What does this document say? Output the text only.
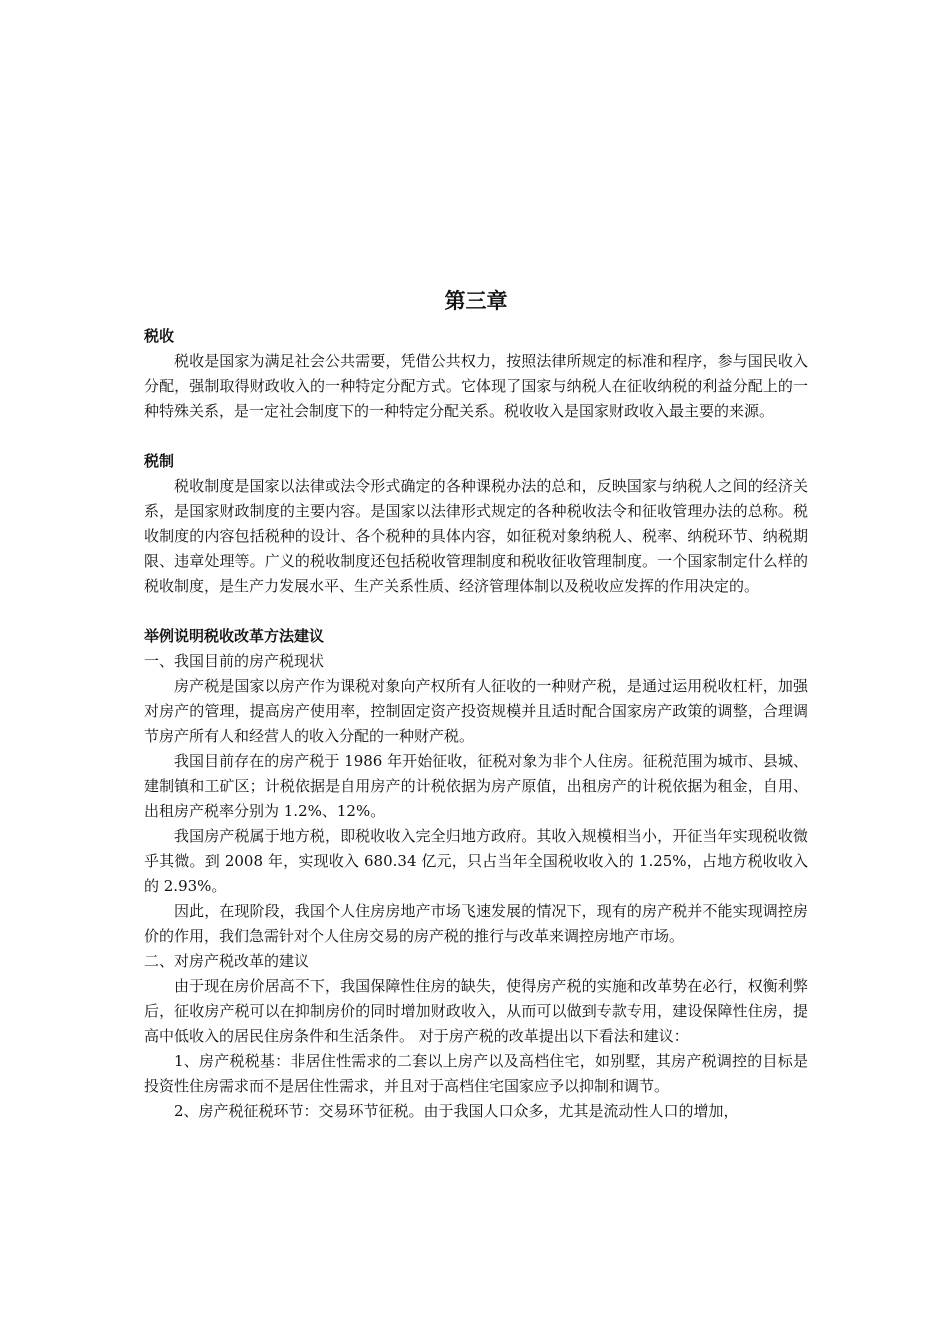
第三章
税收

税收是国家为满足社会公共需要，凭借公共权力，按照法律所规定的标准和程序，参与国民收入分配，强制取得财政收入的一种特定分配方式。它体现了国家与纳税人在征收纳税的利益分配上的一种特殊关系，是一定社会制度下的一种特定分配关系。税收收入是国家财政收入最主要的来源。

税制

税收制度是国家以法律或法令形式确定的各种课税办法的总和，反映国家与纳税人之间的经济关系，是国家财政制度的主要内容。是国家以法律形式规定的各种税收法令和征收管理办法的总称。税收制度的内容包括税种的设计、各个税种的具体内容，如征税对象纳税人、税率、纳税环节、纳税期限、违章处理等。广义的税收制度还包括税收管理制度和税收征收管理制度。一个国家制定什么样的税收制度，是生产力发展水平、生产关系性质、经济管理体制以及税收应发挥的作用决定的。

举例说明税收改革方法建议
一、我国目前的房产税现状

房产税是国家以房产作为课税对象向产权所有人征收的一种财产税，是通过运用税收杠杆，加强对房产的管理，提高房产使用率，控制固定资产投资规模并且适时配合国家房产政策的调整，合理调节房产所有人和经营人的收入分配的一种财产税。

我国目前存在的房产税于 1986 年开始征收，征税对象为非个人住房。征税范围为城市、县城、建制镇和工矿区；计税依据是自用房产的计税依据为房产原值，出租房产的计税依据为租金，自用、出租房产税率分别为 1.2%、12%。

我国房产税属于地方税，即税收收入完全归地方政府。其收入规模相当小，开征当年实现税收微乎其微。到 2008 年，实现收入 680.34 亿元，只占当年全国税收收入的 1.25%，占地方税收收入的 2.93%。

因此，在现阶段，我国个人住房房地产市场飞速发展的情况下，现有的房产税并不能实现调控房价的作用，我们急需针对个人住房交易的房产税的推行与改革来调控房地产市场。

二、对房产税改革的建议

由于现在房价居高不下，我国保障性住房的缺失，使得房产税的实施和改革势在必行，权衡利弊后，征收房产税可以在抑制房价的同时增加财政收入，从而可以做到专款专用，建设保障性住房，提高中低收入的居民住房条件和生活条件。 对于房产税的改革提出以下看法和建议：

1、房产税税基：非居住性需求的二套以上房产以及高档住宅，如别墅，其房产税调控的目标是投资性住房需求而不是居住性需求，并且对于高档住宅国家应予以抑制和调节。

2、房产税征税环节：交易环节征税。由于我国人口众多，尤其是流动性人口的增加，
